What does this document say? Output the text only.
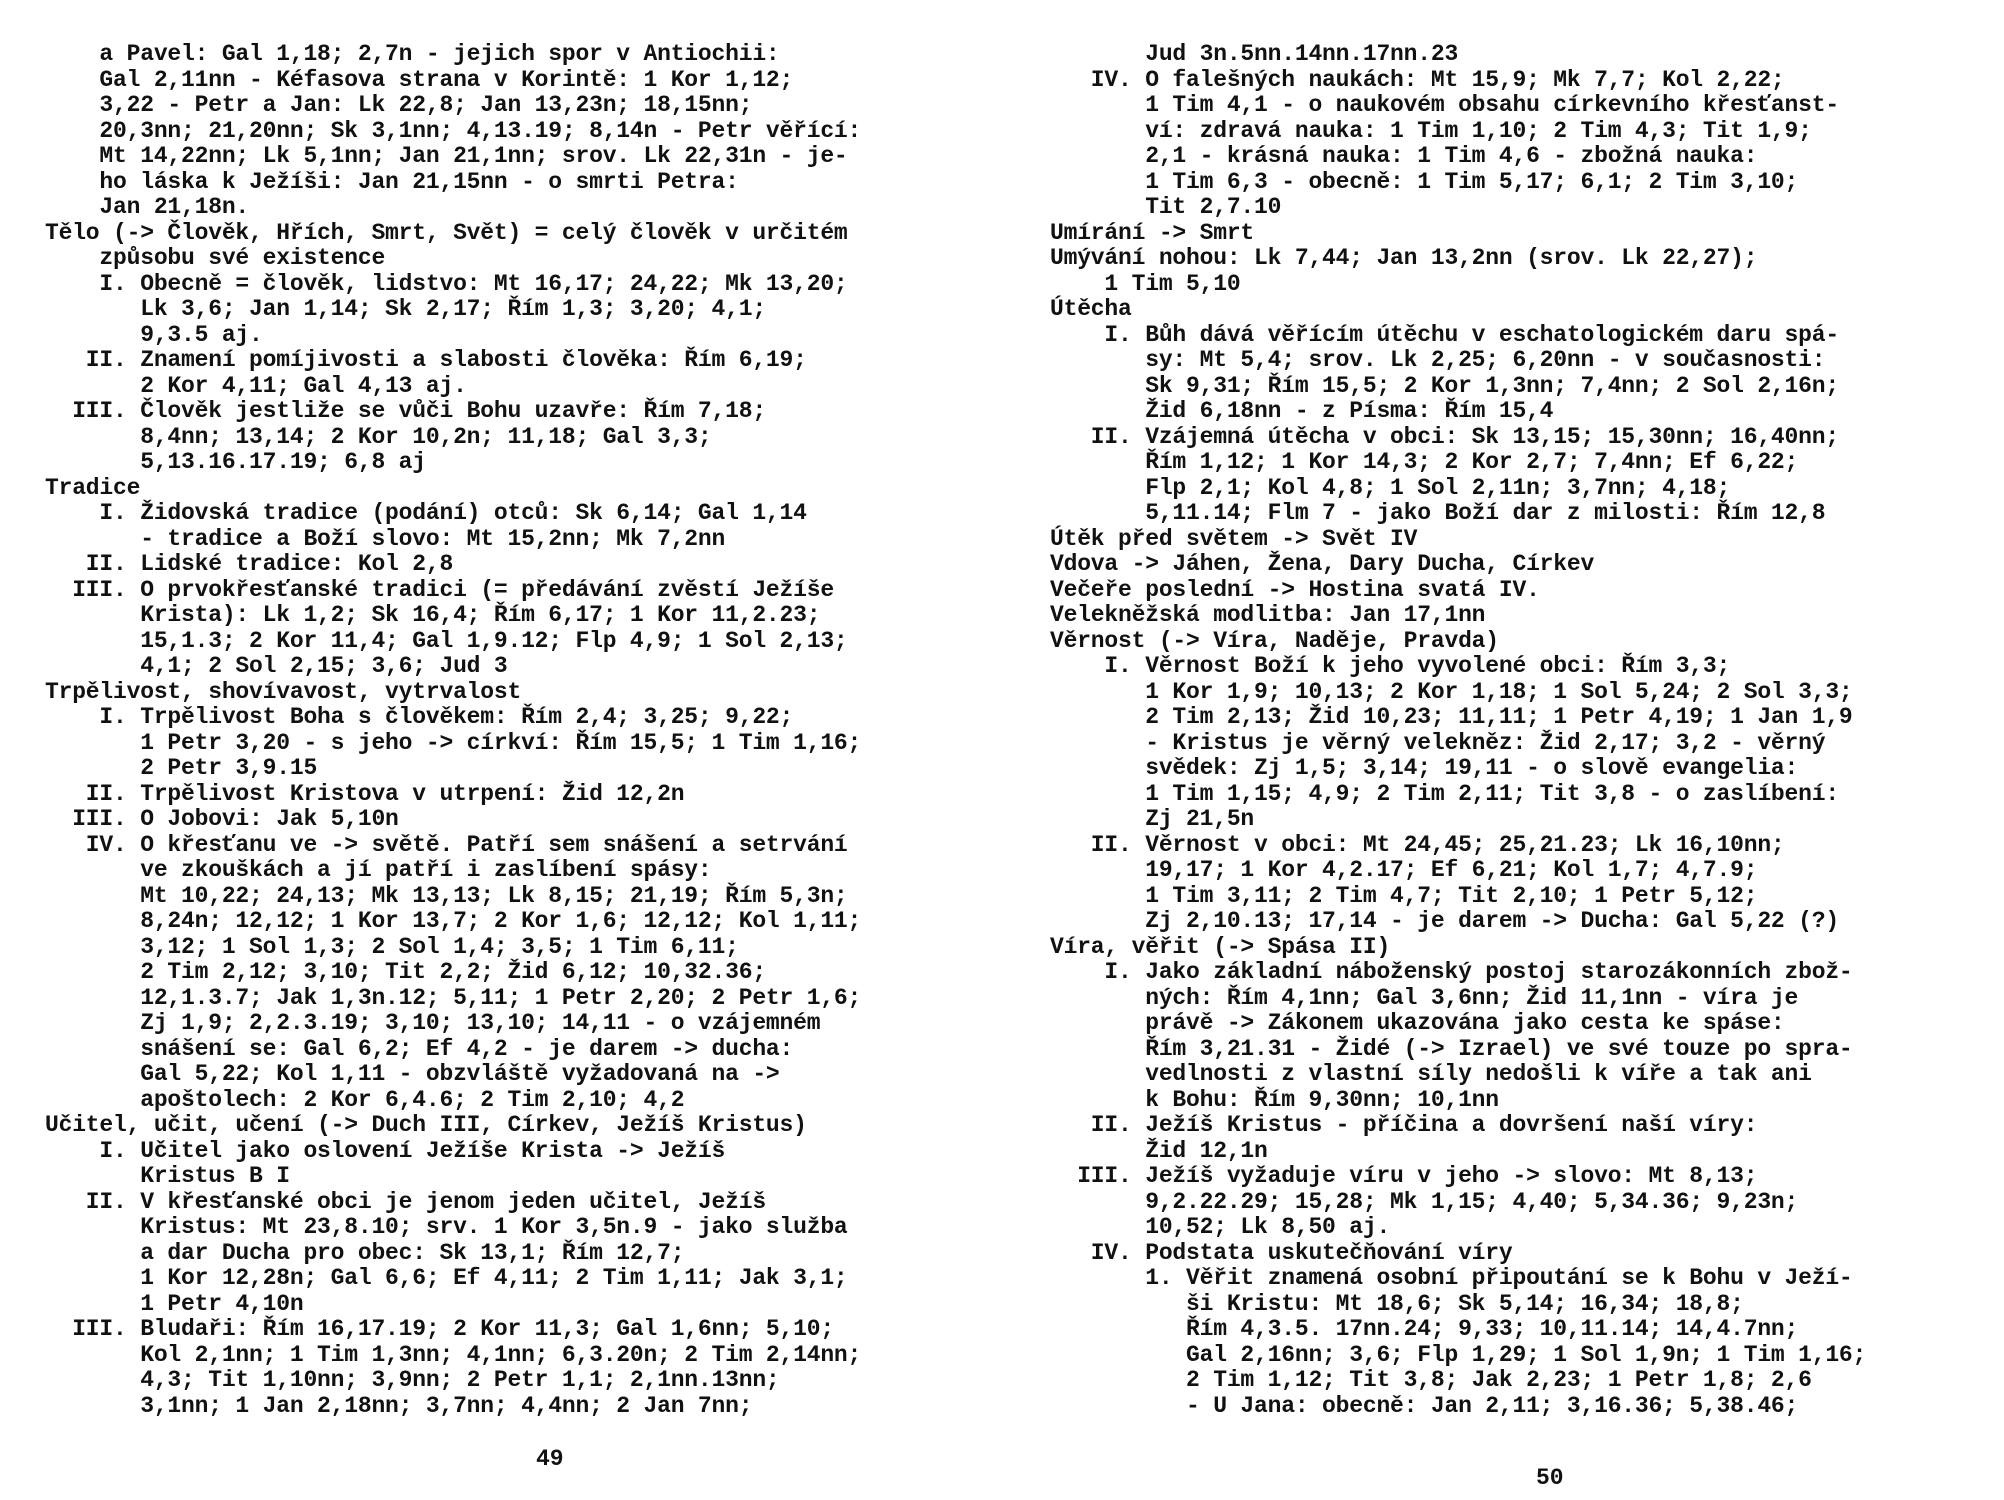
a Pavel: Gal 1,18; 2,7n - jejich spor v Antiochii:
Gal 2,11nn - Kéfasova strana v Korintě: 1 Kor 1,12;
3,22 - Petr a Jan: Lk 22,8; Jan 13,23n; 18,15nn;
20,3nn; 21,20nn; Sk 3,1nn; 4,13.19; 8,14n - Petr věřící:
Mt 14,22nn; Lk 5,1nn; Jan 21,1nn; srov. Lk 22,31n - je-
ho láska k Ježíši: Jan 21,15nn - o smrti Petra:
Jan 21,18n.
Tělo (-> Člověk, Hřích, Smrt, Svět) = celý člověk v určitém
způsobu své existence
I. Obecně = člověk, lidstvo: Mt 16,17; 24,22; Mk 13,20;
Lk 3,6; Jan 1,14; Sk 2,17; Řím 1,3; 3,20; 4,1;
9,3.5 aj.
II. Znamení pomíjivosti a slabosti člověka: Řím 6,19;
2 Kor 4,11; Gal 4,13 aj.
III. Člověk jestliže se vůči Bohu uzavře: Řím 7,18;
8,4nn; 13,14; 2 Kor 10,2n; 11,18; Gal 3,3;
5,13.16.17.19; 6,8 aj
Tradice
I. Židovská tradice (podání) otců: Sk 6,14; Gal 1,14
- tradice a Boží slovo: Mt 15,2nn; Mk 7,2nn
II. Lidské tradice: Kol 2,8
III. O prvokřesťanské tradici (= předávání zvěstí Ježíše
Krista): Lk 1,2; Sk 16,4; Řím 6,17; 1 Kor 11,2.23;
15,1.3; 2 Kor 11,4; Gal 1,9.12; Flp 4,9; 1 Sol 2,13;
4,1; 2 Sol 2,15; 3,6; Jud 3
Trpělivost, shovívavost, vytrvalost
I. Trpělivost Boha s člověkem: Řím 2,4; 3,25; 9,22;
1 Petr 3,20 - s jeho -> církví: Řím 15,5; 1 Tim 1,16;
2 Petr 3,9.15
II. Trpělivost Kristova v utrpení: Žid 12,2n
III. O Jobovi: Jak 5,10n
IV. O křesťanu ve -> světě. Patří sem snášení a setrvání
ve zkouškách a jí patří i zaslíbení spásy:
Mt 10,22; 24,13; Mk 13,13; Lk 8,15; 21,19; Řím 5,3n;
8,24n; 12,12; 1 Kor 13,7; 2 Kor 1,6; 12,12; Kol 1,11;
3,12; 1 Sol 1,3; 2 Sol 1,4; 3,5; 1 Tim 6,11;
2 Tim 2,12; 3,10; Tit 2,2; Žid 6,12; 10,32.36;
12,1.3.7; Jak 1,3n.12; 5,11; 1 Petr 2,20; 2 Petr 1,6;
Zj 1,9; 2,2.3.19; 3,10; 13,10; 14,11 - o vzájemném
snášení se: Gal 6,2; Ef 4,2 - je darem -> ducha:
Gal 5,22; Kol 1,11 - obzvláště vyžadovaná na ->
apoštolech: 2 Kor 6,4.6; 2 Tim 2,10; 4,2
Učitel, učit, učení (-> Duch III, Církev, Ježíš Kristus)
I. Učitel jako oslovení Ježíše Krista -> Ježíš
Kristus B I
II. V křesťanské obci je jenom jeden učitel, Ježíš
Kristus: Mt 23,8.10; srv. 1 Kor 3,5n.9 - jako služba
a dar Ducha pro obec: Sk 13,1; Řím 12,7;
1 Kor 12,28n; Gal 6,6; Ef 4,11; 2 Tim 1,11; Jak 3,1;
1 Petr 4,10n
III. Bludaři: Řím 16,17.19; 2 Kor 11,3; Gal 1,6nn; 5,10;
Kol 2,1nn; 1 Tim 1,3nn; 4,1nn; 6,3.20n; 2 Tim 2,14nn;
4,3; Tit 1,10nn; 3,9nn; 2 Petr 1,1; 2,1nn.13nn;
3,1nn; 1 Jan 2,18nn; 3,7nn; 4,4nn; 2 Jan 7nn;
Jud 3n.5nn.14nn.17nn.23
IV. O falešných naukách: Mt 15,9; Mk 7,7; Kol 2,22;
1 Tim 4,1 - o naukovém obsahu církevního křesťanst-
ví: zdravá nauka: 1 Tim 1,10; 2 Tim 4,3; Tit 1,9;
2,1 - krásná nauka: 1 Tim 4,6 - zbožná nauka:
1 Tim 6,3 - obecně: 1 Tim 5,17; 6,1; 2 Tim 3,10;
Tit 2,7.10
Umírání -> Smrt
Umývání nohou: Lk 7,44; Jan 13,2nn (srov. Lk 22,27);
1 Tim 5,10
Útěcha
I. Bůh dává věřícím útěchu v eschatologickém daru spá-
sy: Mt 5,4; srov. Lk 2,25; 6,20nn - v současnosti:
Sk 9,31; Řím 15,5; 2 Kor 1,3nn; 7,4nn; 2 Sol 2,16n;
Žid 6,18nn - z Písma: Řím 15,4
II. Vzájemná útěcha v obci: Sk 13,15; 15,30nn; 16,40nn;
Řím 1,12; 1 Kor 14,3; 2 Kor 2,7; 7,4nn; Ef 6,22;
Flp 2,1; Kol 4,8; 1 Sol 2,11n; 3,7nn; 4,18;
5,11.14; Flm 7 - jako Boží dar z milosti: Řím 12,8
Útěk před světem -> Svět IV
Vdova -> Jáhen, Žena, Dary Ducha, Církev
Večeře poslední -> Hostina svatá IV.
Velekněžská modlitba: Jan 17,1nn
Věrnost (-> Víra, Naděje, Pravda)
I. Věrnost Boží k jeho vyvolené obci: Řím 3,3;
1 Kor 1,9; 10,13; 2 Kor 1,18; 1 Sol 5,24; 2 Sol 3,3;
2 Tim 2,13; Žid 10,23; 11,11; 1 Petr 4,19; 1 Jan 1,9
- Kristus je věrný velekněz: Žid 2,17; 3,2 - věrný
svědek: Zj 1,5; 3,14; 19,11 - o slově evangelia:
1 Tim 1,15; 4,9; 2 Tim 2,11; Tit 3,8 - o zaslíbení:
Zj 21,5n
II. Věrnost v obci: Mt 24,45; 25,21.23; Lk 16,10nn;
19,17; 1 Kor 4,2.17; Ef 6,21; Kol 1,7; 4,7.9;
1 Tim 3,11; 2 Tim 4,7; Tit 2,10; 1 Petr 5,12;
Zj 2,10.13; 17,14 - je darem -> Ducha: Gal 5,22 (?)
Víra, věřit (-> Spása II)
I. Jako základní náboženský postoj starozákonních zbož-
ných: Řím 4,1nn; Gal 3,6nn; Žid 11,1nn - víra je
právě -> Zákonem ukazována jako cesta ke spáse:
Řím 3,21.31 - Židé (-> Izrael) ve své touze po spra-
vedlnosti z vlastní síly nedošli k víře a tak ani
k Bohu: Řím 9,30nn; 10,1nn
II. Ježíš Kristus - příčina a dovršení naší víry:
Žid 12,1n
III. Ježíš vyžaduje víru v jeho -> slovo: Mt 8,13;
9,2.22.29; 15,28; Mk 1,15; 4,40; 5,34.36; 9,23n;
10,52; Lk 8,50 aj.
IV. Podstata uskutečňování víry
1. Věřit znamená osobní připoutání se k Bohu v Ježí-
ši Kristu: Mt 18,6; Sk 5,14; 16,34; 18,8;
Řím 4,3.5. 17nn.24; 9,33; 10,11.14; 14,4.7nn;
Gal 2,16nn; 3,6; Flp 1,29; 1 Sol 1,9n; 1 Tim 1,16;
2 Tim 1,12; Tit 3,8; Jak 2,23; 1 Petr 1,8; 2,6
- U Jana: obecně: Jan 2,11; 3,16.36; 5,38.46;
49
50
